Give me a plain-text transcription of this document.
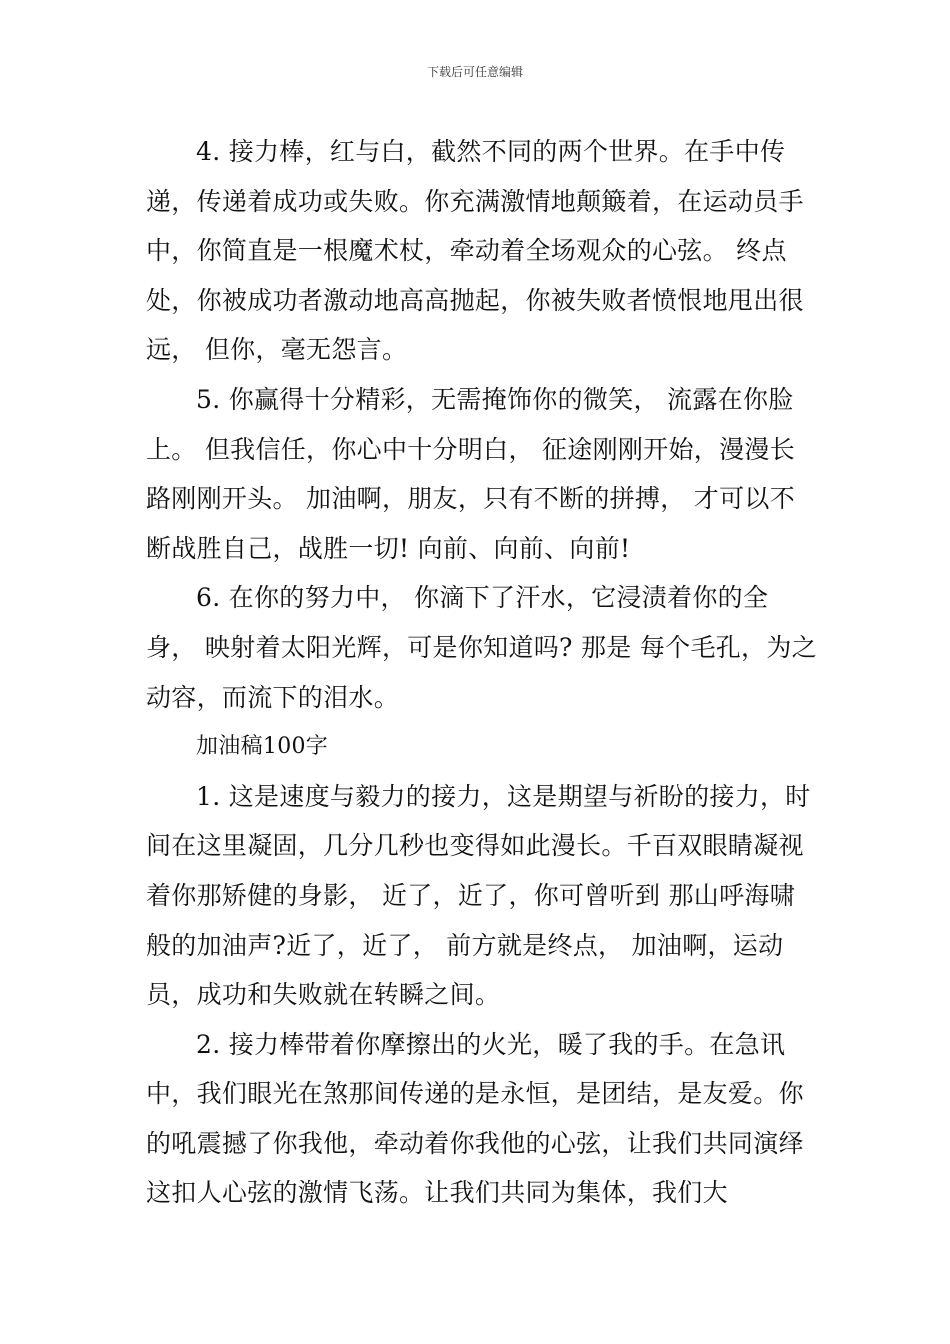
下载后可任意编辑

4. 接力棒，红与白，截然不同的两个世界。在手中传递，传递着成功或失败。你充满激情地颠簸着，在运动员手中，你简直是一根魔术杖，牵动着全场观众的心弦。 终点处，你被成功者激动地高高抛起，你被失败者愤恨地甩出很远， 但你，毫无怨言。

5. 你赢得十分精彩，无需掩饰你的微笑， 流露在你脸上。 但我信任，你心中十分明白， 征途刚刚开始，漫漫长路刚刚开头。 加油啊，朋友，只有不断的拼搏， 才可以不断战胜自己，战胜一切! 向前、向前、向前!

6. 在你的努力中， 你滴下了汗水，它浸渍着你的全身， 映射着太阳光辉，可是你知道吗? 那是 每个毛孔，为之动容，而流下的泪水。

加油稿100字

1. 这是速度与毅力的接力，这是期望与祈盼的接力，时间在这里凝固，几分几秒也变得如此漫长。千百双眼睛凝视着你那矫健的身影， 近了，近了，你可曾听到 那山呼海啸般的加油声?近了，近了， 前方就是终点， 加油啊，运动员，成功和失败就在转瞬之间。

2. 接力棒带着你摩擦出的火光，暖了我的手。在急讯中，我们眼光在煞那间传递的是永恒，是团结，是友爱。你的吼震撼了你我他，牵动着你我他的心弦，让我们共同演绎这扣人心弦的激情飞荡。让我们共同为集体，我们大
